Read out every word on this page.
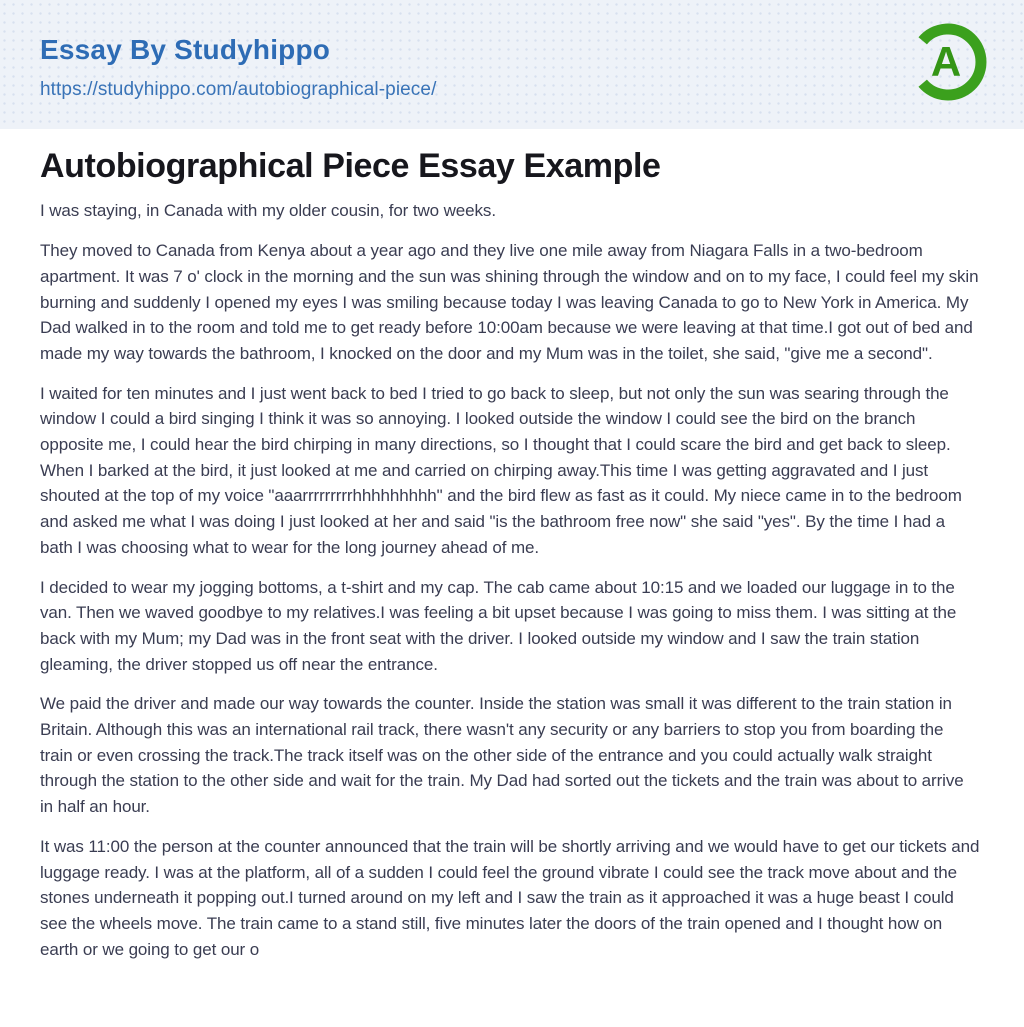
Essay By Studyhippo
https://studyhippo.com/autobiographical-piece/
A
Autobiographical Piece Essay Example

I was staying, in Canada with my older cousin, for two weeks.

They moved to Canada from Kenya about a year ago and they live one mile away from Niagara Falls in a two-bedroom apartment. It was 7 o' clock in the morning and the sun was shining through the window and on to my face, I could feel my skin burning and suddenly I opened my eyes I was smiling because today I was leaving Canada to go to New York in America. My Dad walked in to the room and told me to get ready before 10:00am because we were leaving at that time.I got out of bed and made my way towards the bathroom, I knocked on the door and my Mum was in the toilet, she said, "give me a second".

I waited for ten minutes and I just went back to bed I tried to go back to sleep, but not only the sun was searing through the window I could a bird singing I think it was so annoying. I looked outside the window I could see the bird on the branch opposite me, I could hear the bird chirping in many directions, so I thought that I could scare the bird and get back to sleep. When I barked at the bird, it just looked at me and carried on chirping away.This time I was getting aggravated and I just shouted at the top of my voice "aaarrrrrrrrrhhhhhhhhh" and the bird flew as fast as it could. My niece came in to the bedroom and asked me what I was doing I just looked at her and said "is the bathroom free now" she said "yes". By the time I had a bath I was choosing what to wear for the long journey ahead of me.

I decided to wear my jogging bottoms, a t-shirt and my cap. The cab came about 10:15 and we loaded our luggage in to the van. Then we waved goodbye to my relatives.I was feeling a bit upset because I was going to miss them. I was sitting at the back with my Mum; my Dad was in the front seat with the driver. I looked outside my window and I saw the train station gleaming, the driver stopped us off near the entrance.

We paid the driver and made our way towards the counter. Inside the station was small it was different to the train station in Britain. Although this was an international rail track, there wasn't any security or any barriers to stop you from boarding the train or even crossing the track.The track itself was on the other side of the entrance and you could actually walk straight through the station to the other side and wait for the train. My Dad had sorted out the tickets and the train was about to arrive in half an hour.

It was 11:00 the person at the counter announced that the train will be shortly arriving and we would have to get our tickets and luggage ready. I was at the platform, all of a sudden I could feel the ground vibrate I could see the track move about and the stones underneath it popping out.I turned around on my left and I saw the train as it approached it was a huge beast I could see the wheels move. The train came to a stand still, five minutes later the doors of the train opened and I thought how on earth or we going to get our o
